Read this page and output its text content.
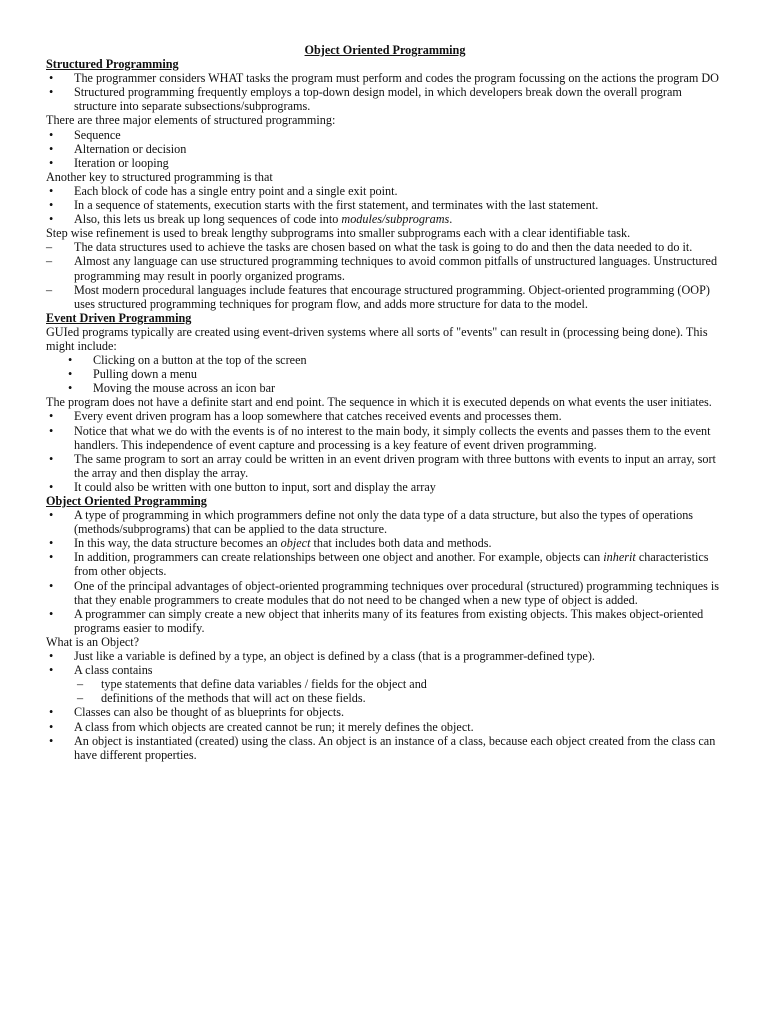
Object Oriented Programming
Structured Programming
• The programmer considers WHAT tasks the program must perform and codes the program focussing on the actions the program DO
• Structured programming frequently employs a top-down design model, in which developers break down the overall program structure into separate subsections/subprograms.
There are three major elements of structured programming:
• Sequence
• Alternation or decision
• Iteration or looping
Another key to structured programming is that
• Each block of code has a single entry point and a single exit point.
• In a sequence of statements, execution starts with the first statement, and terminates with the last statement.
• Also, this lets us break up long sequences of code into modules/subprograms.
Step wise refinement is used to break lengthy subprograms into smaller subprograms each with a clear identifiable task.
– The data structures used to achieve the tasks are chosen based on what the task is going to do and then the data needed to do it.
– Almost any language can use structured programming techniques to avoid common pitfalls of unstructured languages. Unstructured programming may result in poorly organized programs.
– Most modern procedural languages include features that encourage structured programming. Object-oriented programming (OOP) uses structured programming techniques for program flow, and adds more structure for data to the model.
Event Driven Programming
GUIed programs typically are created using event-driven systems where all sorts of "events" can result in (processing being done). This might include:
• Clicking on a button at the top of the screen
• Pulling down a menu
• Moving the mouse across an icon bar
The program does not have a definite start and end point. The sequence in which it is executed depends on what events the user initiates.
• Every event driven program has a loop somewhere that catches received events and processes them.
• Notice that what we do with the events is of no interest to the main body, it simply collects the events and passes them to the event handlers. This independence of event capture and processing is a key feature of event driven programming.
• The same program to sort an array could be written in an event driven program with three buttons with events to input an array, sort the array and then display the array.
• It could also be written with one button to input, sort and display the array
Object Oriented Programming
• A type of programming in which programmers define not only the data type of a data structure, but also the types of operations (methods/subprograms) that can be applied to the data structure.
• In this way, the data structure becomes an object that includes both data and methods.
• In addition, programmers can create relationships between one object and another. For example, objects can inherit characteristics from other objects.
• One of the principal advantages of object-oriented programming techniques over procedural (structured) programming techniques is that they enable programmers to create modules that do not need to be changed when a new type of object is added.
• A programmer can simply create a new object that inherits many of its features from existing objects. This makes object-oriented programs easier to modify.
What is an Object?
• Just like a variable is defined by a type, an object is defined by a class (that is a programmer-defined type).
• A class contains
– type statements that define data variables / fields for the object and
– definitions of the methods that will act on these fields.
• Classes can also be thought of as blueprints for objects.
• A class from which objects are created cannot be run; it merely defines the object.
• An object is instantiated (created) using the class. An object is an instance of a class, because each object created from the class can have different properties.
